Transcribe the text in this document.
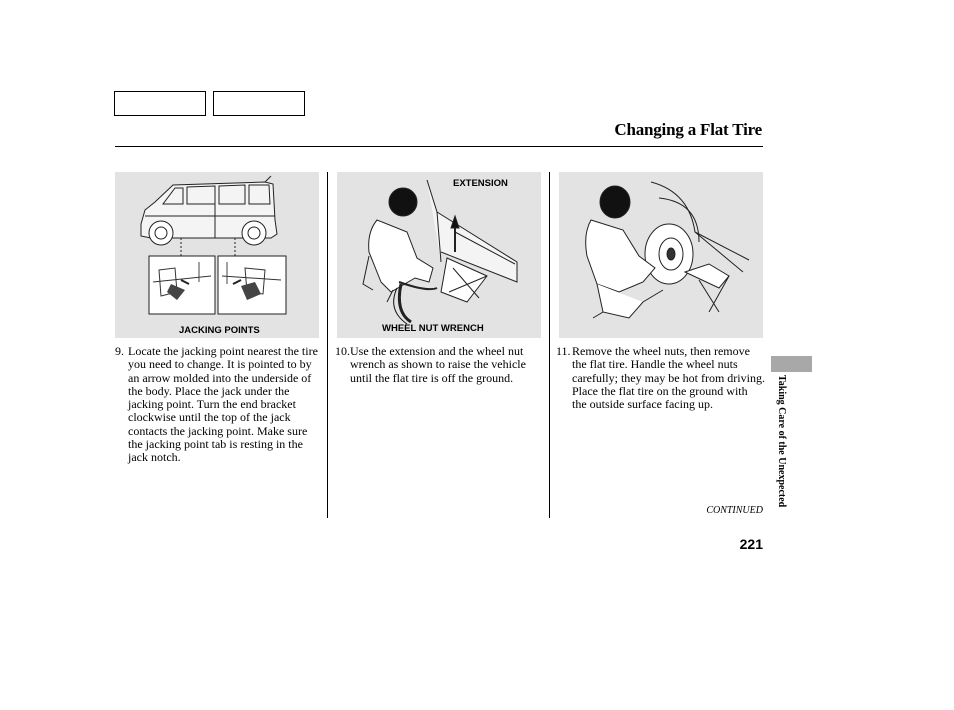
Changing a Flat Tire
JACKING POINTS
EXTENSION
WHEEL NUT WRENCH
9. Locate the jacking point nearest the tire you need to change. It is pointed to by an arrow molded into the underside of the body. Place the jack under the jacking point. Turn the end bracket clockwise until the top of the jack contacts the jacking point. Make sure the jacking point tab is resting in the jack notch.
10. Use the extension and the wheel nut wrench as shown to raise the vehicle until the flat tire is off the ground.
11. Remove the wheel nuts, then remove the flat tire. Handle the wheel nuts carefully; they may be hot from driving. Place the flat tire on the ground with the outside surface facing up.
CONTINUED
221
Taking Care of the Unexpected
